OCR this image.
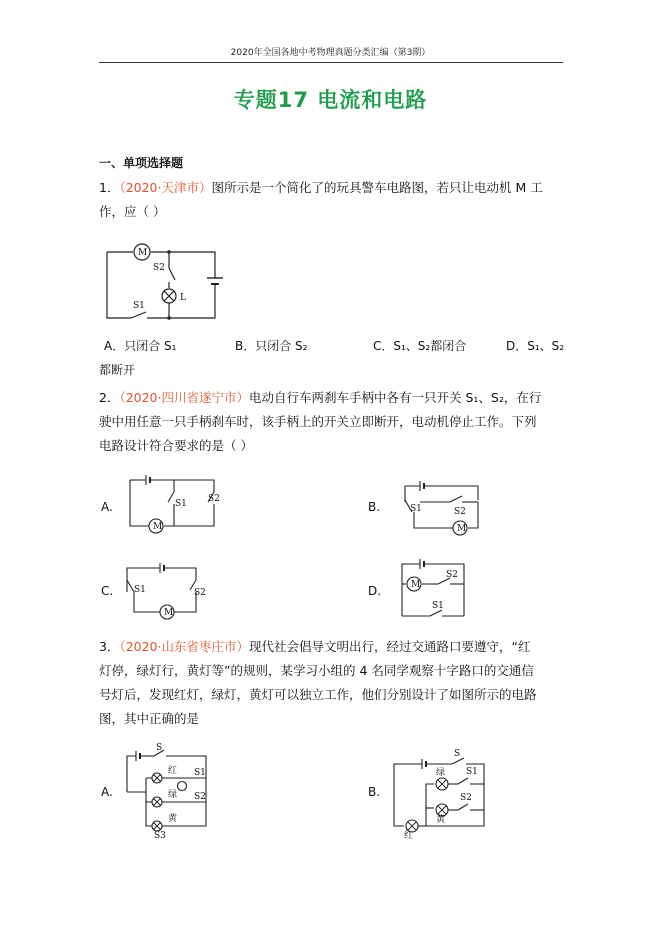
2020年全国各地中考物理真题分类汇编（第3期）
专题17 电流和电路
一、单项选择题
1．（2020·天津市）图所示是一个简化了的玩具警车电路图，若只让电动机 M 工
作，应（ ）
M
S2
L
S1
A．只闭合 S₁	B．只闭合 S₂	C．S₁、S₂都闭合	D．S₁、S₂
都断开
2．（2020·四川省遂宁市）电动自行车两刹车手柄中各有一只开关 S₁、S₂，在行
驶中用任意一只手柄刹车时，该手柄上的开关立即断开，电动机停止工作。下列
电路设计符合要求的是（ ）
A.
M
S1 S2
B.
M
S1	S2
C.
M
S1	S2	D.	M
S2
S1
3．（2020·山东省枣庄市）现代社会倡导文明出行，经过交通路口要遵守，“红
灯停，绿灯行，黄灯等”的规则，某学习小组的 4 名同学观察十字路口的交通信
号灯后，发现红灯，绿灯，黄灯可以独立工作，他们分别设计了如图所示的电路
图，其中正确的是
A.
S
红
绿
黄
S1
S2
S3
B.
S
绿 S1
黄
S2
红
